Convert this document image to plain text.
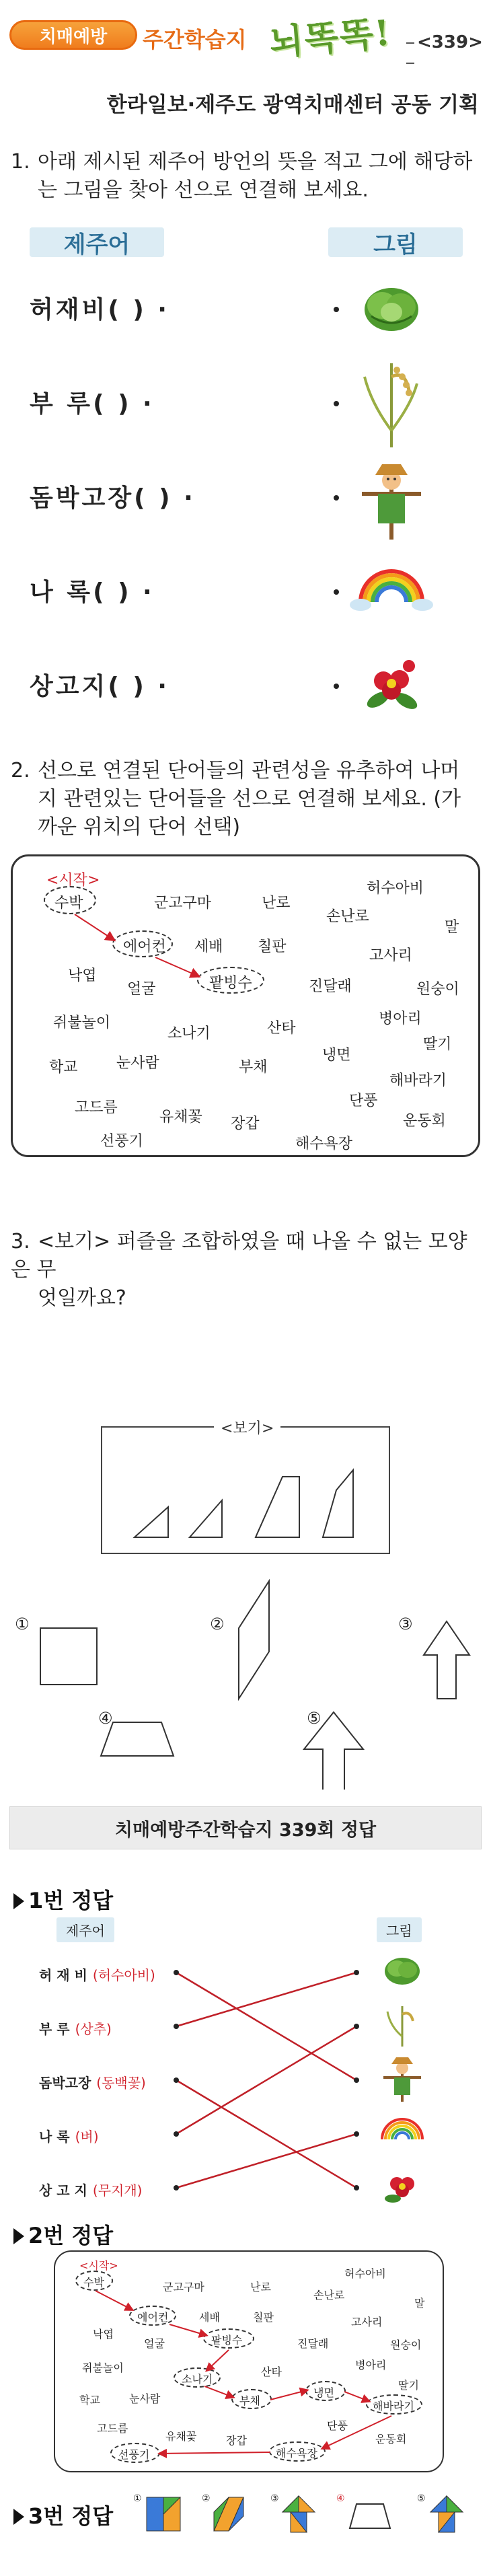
치매예방	주간학습지 뇌똑똑!	<339>
한라일보·제주도 광역치매센터 공동 기획
1. 아래 제시된 제주어 방언의 뜻을 적고 그에 해당하
는 그림을 찾아 선으로 연결해 보세요.
제주어	그림
허재비( ) ·
부 루( ) ·
돔박고장( ) ·
나 록( ) ·
상고지( ) ·
2. 선으로 연결된 단어들의 관련성을 유추하여 나머
지 관련있는 단어들을 선으로 연결해 보세요. (가
까운 위치의 단어 선택)
<시작>
수박	군고구마	난로
허수아비
손난로
말
에어컨 세배 칠판
고사리
낙엽
얼굴	팥빙수	진달래	원숭이
쥐불놀이	산타
병아리
소나기
딸기
냉면
학교	눈사람	부채
해바라기
고드름
유채꽃
단풍
장갑	운동회
선풍기	해수욕장
3. <보기> 퍼즐을 조합하였을 때 나올 수 없는 모양은 무
엇일까요?
<보기>
①	②	③
④	⑤
치매예방주간학습지 339회 정답
1번 정답
제주어	그림
허 재 비 (허수아비)
부 루 (상추)
돔박고장 (동백꽃)
나 록 (벼)
상 고 지 (무지개)
2번 정답
<시작>
수박	군고구마	난로
허수아비
손난로
말
에어컨	세배	칠판	고사리
낙엽
얼굴	팥빙수	진달래	원숭이
쥐불놀이	산타
병아리
소나기	딸기
냉면
학교	눈사람	부채	해바라기
고드름
유채꽃
단풍
장갑	운동회
선풍기	해수욕장
3번 정답
①	②	③	④	⑤
